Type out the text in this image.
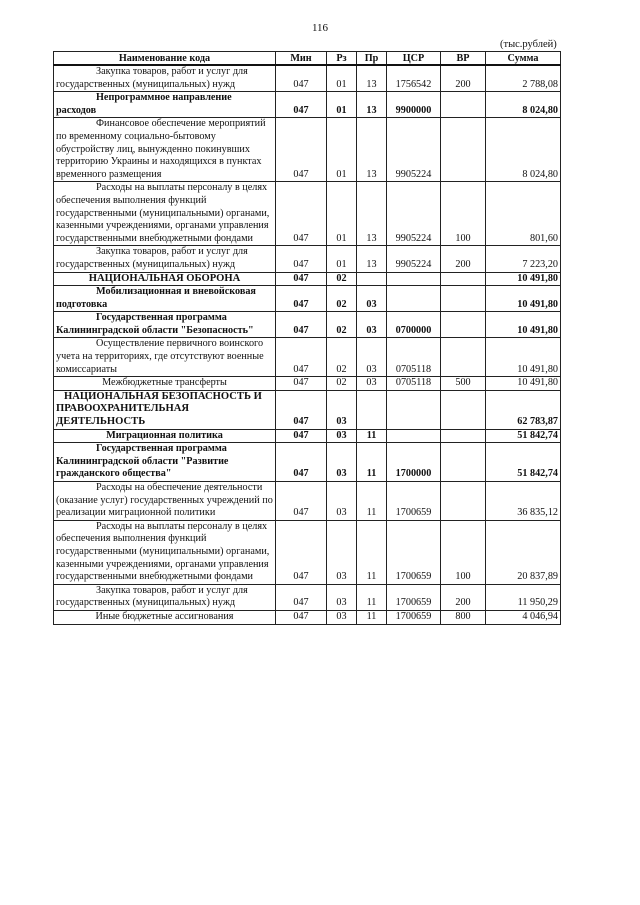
116
(тыс.рублей)
Наименование кода	Мин	Рз	Пр	ЦСР	ВР	Сумма
Закупка товаров, работ и услуг для государственных (муниципальных) нужд	047	01	13	1756542	200	2 788,08
Непрограммное направление расходов	047	01	13	9900000		8 024,80
Финансовое обеспечение мероприятий по временному социально-бытовому обустройству лиц, вынужденно покинувших территорию Украины и находящихся в пунктах временного размещения	047	01	13	9905224		8 024,80
Расходы на выплаты персоналу в целях обеспечения выполнения функций государственными (муниципальными) органами, казенными учреждениями, органами управления государственными внебюджетными фондами	047	01	13	9905224	100	801,60
Закупка товаров, работ и услуг для государственных (муниципальных) нужд	047	01	13	9905224	200	7 223,20
НАЦИОНАЛЬНАЯ ОБОРОНА	047	02				10 491,80
Мобилизационная и вневойсковая подготовка	047	02	03			10 491,80
Государственная программа Калининградской области "Безопасность"	047	02	03	0700000		10 491,80
Осуществление первичного воинского учета на территориях, где отсутствуют военные комиссариаты	047	02	03	0705118		10 491,80
Межбюджетные трансферты	047	02	03	0705118	500	10 491,80
НАЦИОНАЛЬНАЯ БЕЗОПАСНОСТЬ И ПРАВООХРАНИТЕЛЬНАЯ ДЕЯТЕЛЬНОСТЬ	047	03				62 783,87
Миграционная политика	047	03	11			51 842,74
Государственная программа Калининградской области "Развитие гражданского общества"	047	03	11	1700000		51 842,74
Расходы на обеспечение деятельности (оказание услуг) государственных учреждений по реализации миграционной политики	047	03	11	1700659		36 835,12
Расходы на выплаты персоналу в целях обеспечения выполнения функций государственными (муниципальными) органами, казенными учреждениями, органами управления государственными внебюджетными фондами	047	03	11	1700659	100	20 837,89
Закупка товаров, работ и услуг для государственных (муниципальных) нужд	047	03	11	1700659	200	11 950,29
Иные бюджетные ассигнования	047	03	11	1700659	800	4 046,94
